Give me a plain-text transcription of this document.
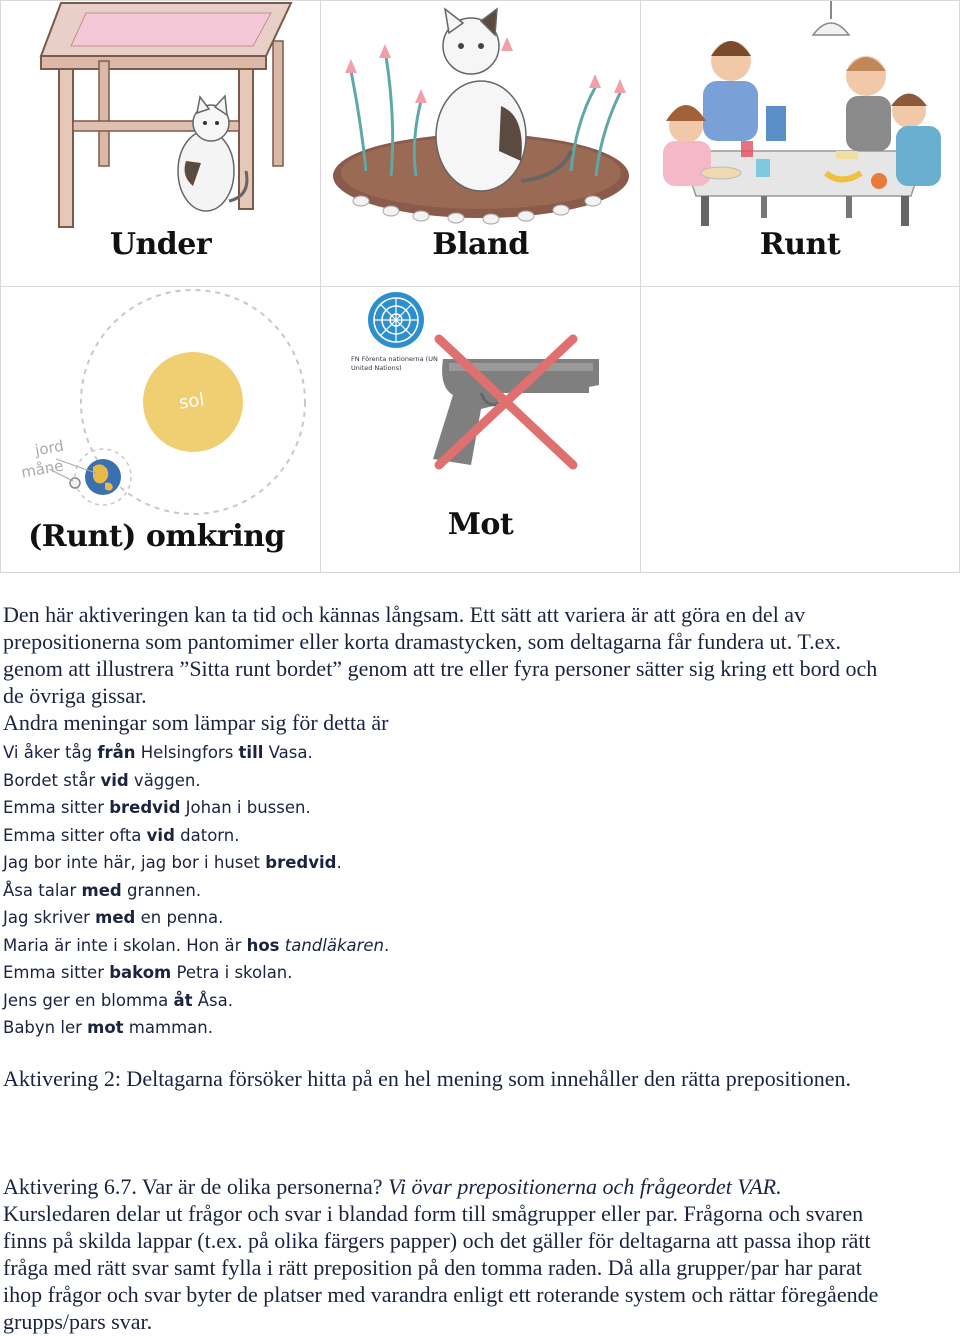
Under	Bland	Runt
sol
jord
måne
(Runt) omkring
FN Förenta nationerna (UN
United Nations)
Mot
Den här aktiveringen kan ta tid och kännas långsam. Ett sätt att variera är att göra en del av
prepositionerna som pantomimer eller korta dramastycken, som deltagarna får fundera ut. T.ex.
genom att illustrera ”Sitta runt bordet” genom att tre eller fyra personer sätter sig kring ett bord och
de övriga gissar.
Andra meningar som lämpar sig för detta är
Vi åker tåg från Helsingfors till Vasa.
Bordet står vid väggen.
Emma sitter bredvid Johan i bussen.
Emma sitter ofta vid datorn.
Jag bor inte här, jag bor i huset bredvid.
Åsa talar med grannen.
Jag skriver med en penna.
Maria är inte i skolan. Hon är hos tandläkaren.
Emma sitter bakom Petra i skolan.
Jens ger en blomma åt Åsa.
Babyn ler mot mamman.
Aktivering 2: Deltagarna försöker hitta på en hel mening som innehåller den rätta prepositionen.
Aktivering 6.7. Var är de olika personerna? Vi övar prepositionerna och frågeordet VAR.
Kursledaren delar ut frågor och svar i blandad form till smågrupper eller par. Frågorna och svaren
finns på skilda lappar (t.ex. på olika färgers papper) och det gäller för deltagarna att passa ihop rätt
fråga med rätt svar samt fylla i rätt preposition på den tomma raden. Då alla grupper/par har parat
ihop frågor och svar byter de platser med varandra enligt ett roterande system och rättar föregående
grupps/pars svar.
